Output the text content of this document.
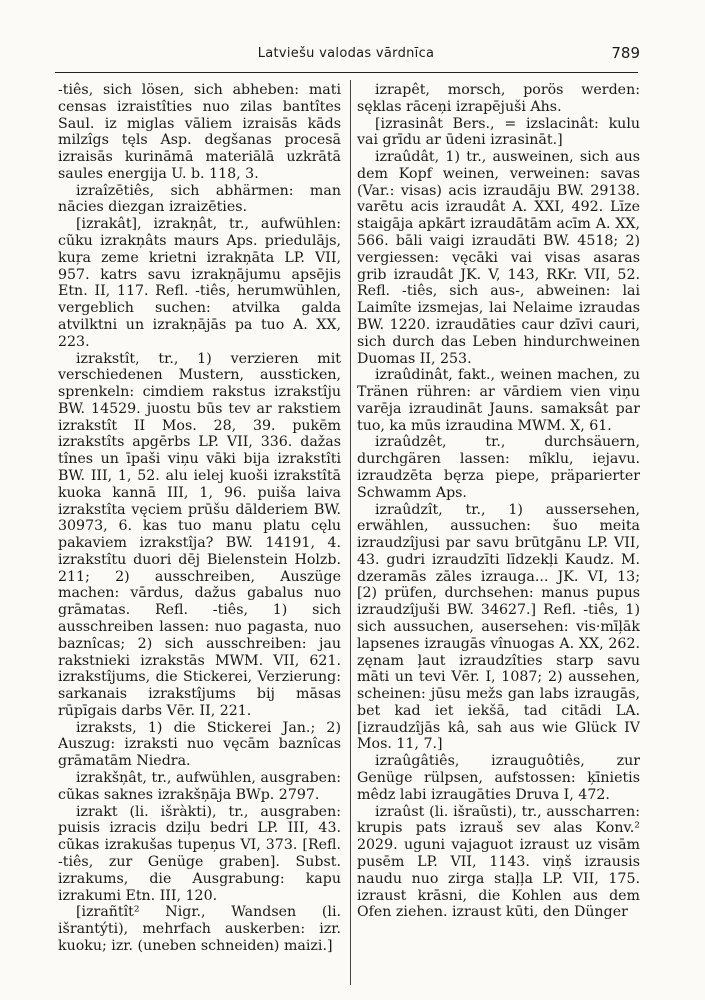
Latviešu valodas vārdnīca	789

-tiês, sich lösen, sich abheben: mati censas izraistîties nuo zilas bantîtes Saul. iz miglas vāliem izraisās kāds milzîgs tęls Asp. degšanas procesā izraisās kurināmā materiālā uzkrātā saules energija U. b. 118, 3.

izraîzētiês, sich abhärmen: man nācies diezgan izraizēties.

[izrakât], izrakņât, tr., aufwühlen: cũku izrakņâts maurs Aps. priedulājs, kuŗa zeme krietni izrakņāta LP. VII, 957. katrs savu izrakņājumu apsējis Etn. II, 117. Refl. -tiês, herumwühlen, vergeblich suchen: atvilka galda atvilktni un izrakņājās pa tuo A. XX, 223.

izrakstît, tr., 1) verzieren mit verschiedenen Mustern, aussticken, sprenkeln: cimdiem rakstus izrakstîju BW. 14529. juostu būs tev ar rakstiem izrakstît II Mos. 28, 39. pukēm izrakstîts apgērbs LP. VII, 336. dažas tînes un īpaši viņu vāki bija izrakstîti BW. III, 1, 52. alu ielej kuoši izrakstîtā kuoka kannā III, 1, 96. puiša laiva izrakstîta vęciem prūšu dālderiem BW. 30973, 6. kas tuo manu platu cęlu pakaviem izrakstîja? BW. 14191, 4. izrakstîtu duori dēj Bielenstein Holzb. 211; 2) ausschreiben, Auszüge machen: vārdus, dažus gabalus nuo grāmatas. Refl. -tiês, 1) sich ausschreiben lassen: nuo pagasta, nuo baznîcas; 2) sich ausschreiben: jau rakstnieki izrakstās MWM. VII, 621. izrakstîjums, die Stickerei, Verzierung: sarkanais izrakstîjums bij māsas rūpīgais darbs Vēr. II, 221.

izraksts, 1) die Stickerei Jan.; 2) Auszug: izraksti nuo vęcām baznîcas grāmatām Niedra.

izrakšņât, tr., aufwühlen, ausgraben: cũkas saknes izrakšņāja BWp. 2797.

izrakt (li. išràkti), tr., ausgraben: puisis izracis dziļu bedri LP. III, 43. cũkas izrakušas tupeņus VI, 373. [Refl. -tiês, zur Genüge graben]. Subst. izrakums, die Ausgrabung: kapu izrakumi Etn. III, 120.

[izrañtît² Nigr., Wandsen (li. išrantýti), mehrfach auskerben: izr. kuoku; izr. (uneben schneiden) maizi.]

izrapêt, morsch, porös werden: sęklas rāceņi izrapējuši Ahs.

[izrasinât Bers., = izslacinât: kulu vai grīdu ar ūdeni izrasināt.]

izraûdât, 1) tr., ausweinen, sich aus dem Kopf weinen, verweinen: savas (Var.: visas) acis izraudāju BW. 29138. varētu acis izraudât A. XXI, 492. Līze staigāja apkārt izraudātām acīm A. XX, 566. bāli vaigi izraudāti BW. 4518; 2) vergiessen: vęcāki vai visas asaras grib izraudât JK. V, 143, RKr. VII, 52. Refl. -tiês, sich aus-, abweinen: lai Laimîte izsmejas, lai Nelaime izraudas BW. 1220. izraudāties caur dzīvi cauri, sich durch das Leben hindurchweinen Duomas II, 253.

izraûdinât, fakt., weinen machen, zu Tränen rühren: ar vārdiem vien viņu varēja izraudināt Jauns. samaksât par tuo, ka mūs izraudina MWM. X, 61.

izraûdzêt, tr., durchsäuern, durchgären lassen: mîklu, iejavu. izraudzēta bęrza piepe, präparierter Schwamm Aps.

izraûdzît, tr., 1) aussersehen, erwählen, aussuchen: šuo meita izraudzîjusi par savu brūtgānu LP. VII, 43. gudri izraudzīti līdzekļi Kaudz. M. dzeramās zāles izrauga... JK. VI, 13; [2) prüfen, durchsehen: manus pupus izraudzîjuši BW. 34627.] Refl. -tiês, 1) sich aussuchen, ausersehen: vis·mīļāk lapsenes izraugās vînuogas A. XX, 262. zęnam ļaut izraudzîties starp savu māti un tevi Vēr. I, 1087; 2) aussehen, scheinen: jūsu mežs gan labs izraugās, bet kad iet iekšā, tad citādi LA. [izraudzîjās kâ, sah aus wie Glück IV Mos. 11, 7.]

izraûgâtiês, izrauguôtiês, zur Genüge rülpsen, aufstossen: ķīnietis mêdz labi izraugāties Druva I, 472.

izraûst (li. išraũsti), tr., ausscharren: krupis pats izrauš sev alas Konv.² 2029. uguni vajaguot izraust uz visām pusēm LP. VII, 1143. viņš izrausis naudu nuo zirga staļļa LP. VII, 175. izraust krāsni, die Kohlen aus dem Ofen ziehen. izraust kūti, den Dünger
